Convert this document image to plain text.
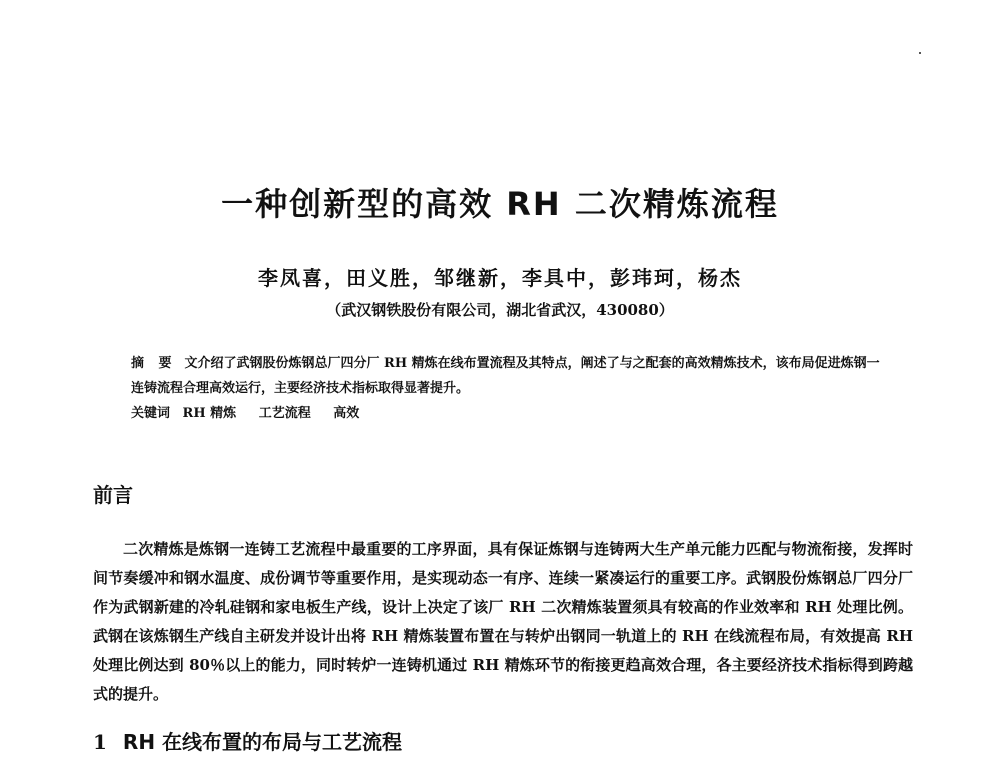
一种创新型的高效 RH 二次精炼流程
李凤喜，田义胜，邹继新，李具中，彭玮珂，杨杰
（武汉钢铁股份有限公司，湖北省武汉，430080）
摘 要 文介绍了武钢股份炼钢总厂四分厂 RH 精炼在线布置流程及其特点，阐述了与之配套的高效精炼技术，该布局促进炼钢一连铸流程合理高效运行，主要经济技术指标取得显著提升。
关键词 RH 精炼 工艺流程 高效
前言
二次精炼是炼钢一连铸工艺流程中最重要的工序界面，具有保证炼钢与连铸两大生产单元能力匹配与物流衔接，发挥时间节奏缓冲和钢水温度、成份调节等重要作用，是实现动态一有序、连续一紧凑运行的重要工序。武钢股份炼钢总厂四分厂作为武钢新建的冷轧硅钢和家电板生产线，设计上决定了该厂 RH 二次精炼装置须具有较高的作业效率和 RH 处理比例。武钢在该炼钢生产线自主研发并设计出将 RH 精炼装置布置在与转炉出钢同一轨道上的 RH 在线流程布局，有效提高 RH 处理比例达到 80％以上的能力，同时转炉一连铸机通过 RH 精炼环节的衔接更趋高效合理，各主要经济技术指标得到跨越式的提升。
1 RH 在线布置的布局与工艺流程
